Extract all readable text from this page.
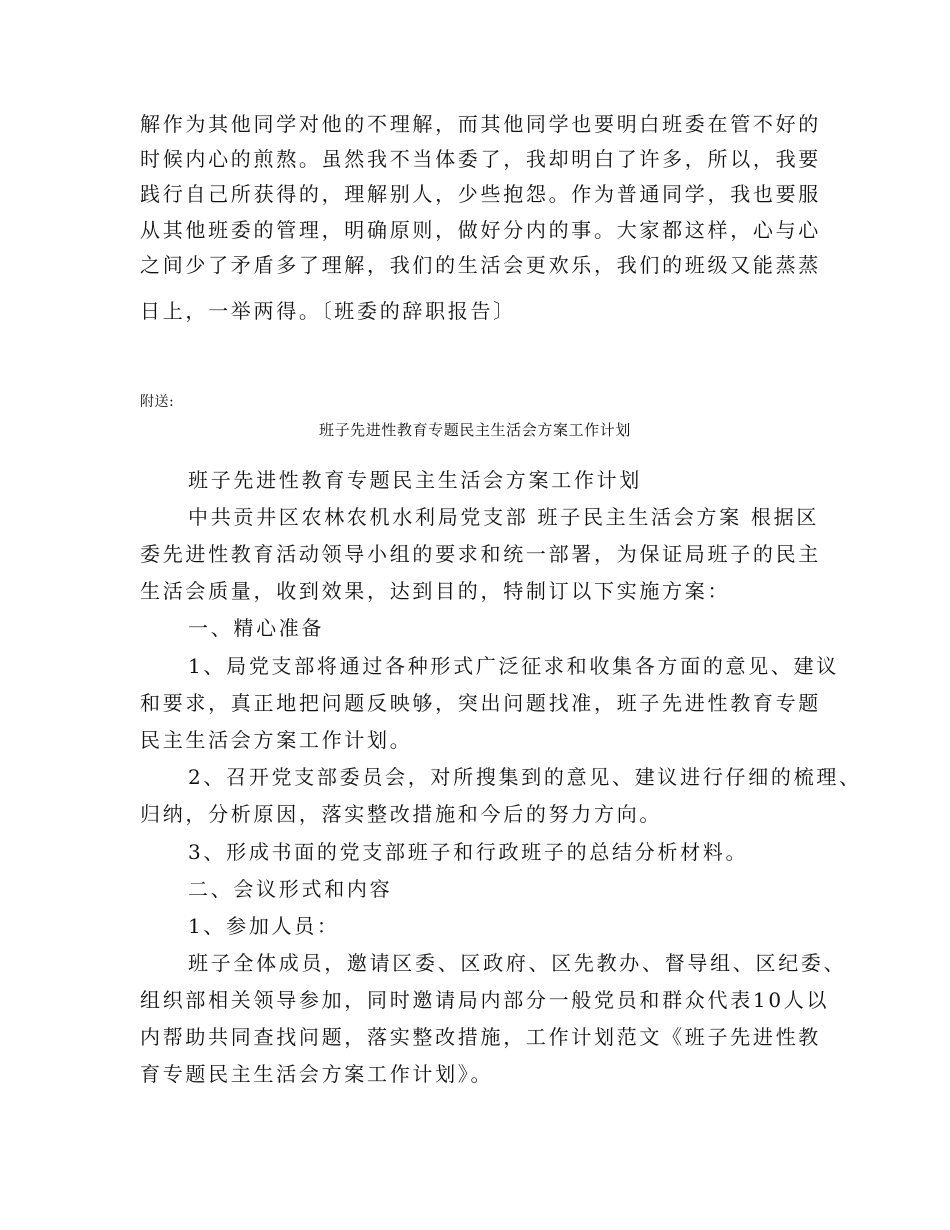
解作为其他同学对他的不理解，而其他同学也要明白班委在管不好的
时候内心的煎熬。虽然我不当体委了，我却明白了许多，所以，我要
践行自己所获得的，理解别人，少些抱怨。作为普通同学，我也要服
从其他班委的管理，明确原则，做好分内的事。大家都这样，心与心
之间少了矛盾多了理解，我们的生活会更欢乐，我们的班级又能蒸蒸
日上，一举两得。〔班委的辞职报告〕
附送:
班子先进性教育专题民主生活会方案工作计划
班子先进性教育专题民主生活会方案工作计划
中共贡井区农林农机水利局党支部 班子民主生活会方案 根据区
委先进性教育活动领导小组的要求和统一部署，为保证局班子的民主
生活会质量，收到效果，达到目的，特制订以下实施方案：
一、精心准备
1、局党支部将通过各种形式广泛征求和收集各方面的意见、建议
和要求，真正地把问题反映够，突出问题找准，班子先进性教育专题
民主生活会方案工作计划。
2、召开党支部委员会，对所搜集到的意见、建议进行仔细的梳理、
归纳，分析原因，落实整改措施和今后的努力方向。
3、形成书面的党支部班子和行政班子的总结分析材料。
二、会议形式和内容
1、参加人员：
班子全体成员，邀请区委、区政府、区先教办、督导组、区纪委、
组织部相关领导参加，同时邀请局内部分一般党员和群众代表10人以
内帮助共同查找问题，落实整改措施，工作计划范文《班子先进性教
育专题民主生活会方案工作计划》。
